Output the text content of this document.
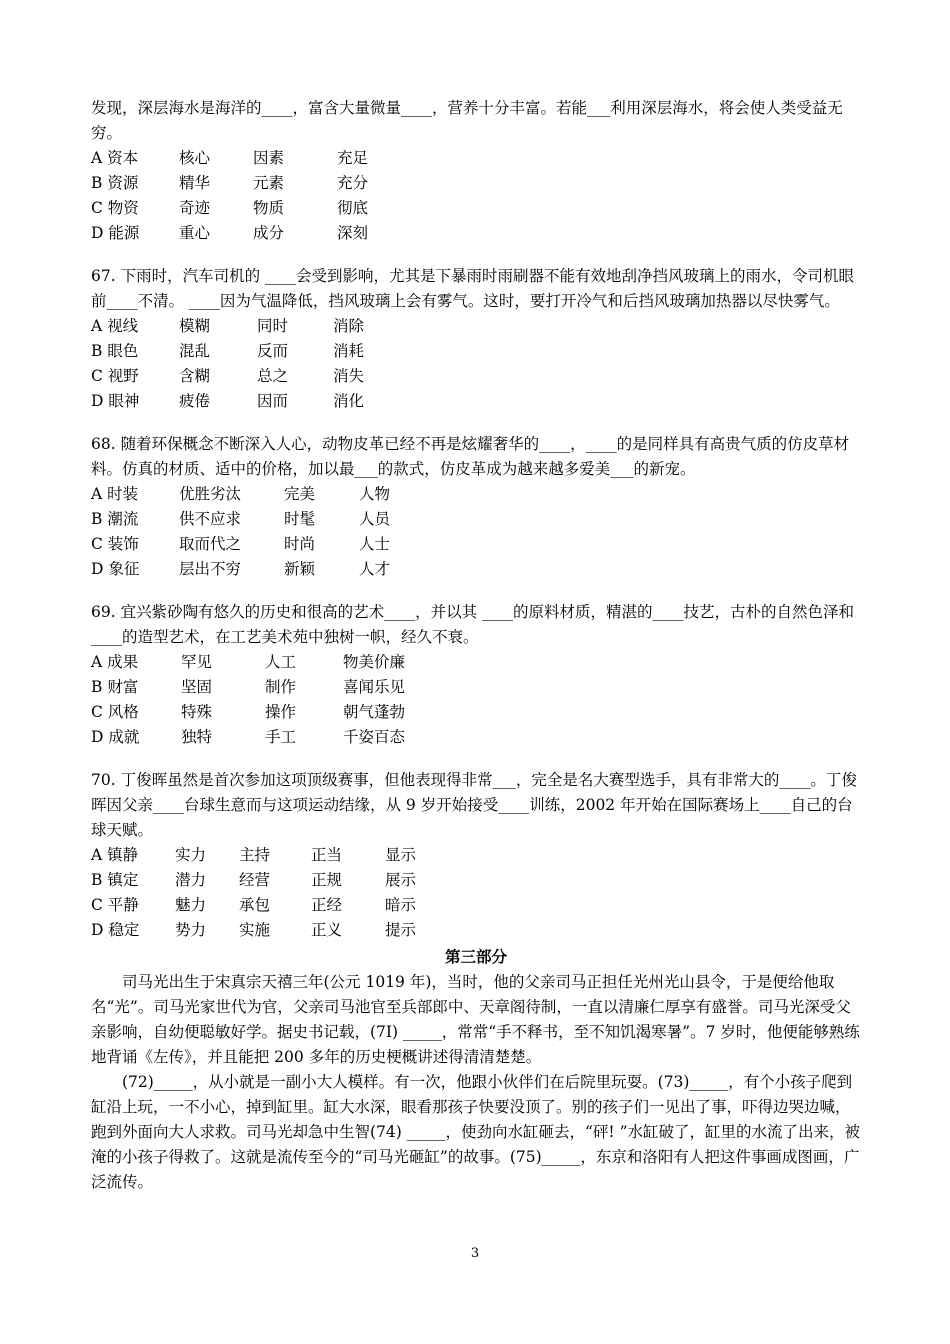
发现，深层海水是海洋的____，富含大量微量____，营养十分丰富。若能___利用深层海水，将会使人类受益无穷。

A 资本	核心	因素	充足
B 资源	精华	元素	充分
C 物资	奇迹	物质	彻底
D 能源	重心	成分	深刻

67. 下雨时，汽车司机的 ____会受到影响，尤其是下暴雨时雨刷器不能有效地刮净挡风玻璃上的雨水，令司机眼前____不清。 ____因为气温降低，挡风玻璃上会有雾气。这时，要打开冷气和后挡风玻璃加热器以尽快雾气。

A 视线	模糊	同时	消除
B 眼色	混乱	反而	消耗
C 视野	含糊	总之	消失
D 眼神	疲倦	因而	消化

68. 随着环保概念不断深入人心，动物皮革已经不再是炫耀奢华的____，____的是同样具有高贵气质的仿皮草材料。仿真的材质、适中的价格，加以最___的款式，仿皮革成为越来越多爱美___的新宠。

A 时装	优胜劣汰	完美	人物
B 潮流	供不应求	时髦	人员
C 装饰	取而代之	时尚	人士
D 象征	层出不穷	新颖	人才

69. 宜兴紫砂陶有悠久的历史和很高的艺术____，并以其 ____的原料材质，精湛的____技艺，古朴的自然色泽和____的造型艺术，在工艺美术苑中独树一帜，经久不衰。

A 成果	罕见	人工	物美价廉
B 财富	坚固	制作	喜闻乐见
C 风格	特殊	操作	朝气蓬勃
D 成就	独特	手工	千姿百态

70. 丁俊晖虽然是首次参加这项顶级赛事，但他表现得非常___，完全是名大赛型选手，具有非常大的____。丁俊晖因父亲____台球生意而与这项运动结缘，从 9 岁开始接受____训练，2002 年开始在国际赛场上____自己的台球天赋。

A 镇静	实力	主持	正当	显示
B 镇定	潜力	经营	正规	展示
C 平静	魅力	承包	正经	暗示
D 稳定	势力	实施	正义	提示
第三部分

司马光出生于宋真宗天禧三年(公元 1019 年)，当时，他的父亲司马正担任光州光山县令，于是便给他取名“光”。司马光家世代为官，父亲司马池官至兵部郎中、天章阁待制，一直以清廉仁厚享有盛誉。司马光深受父亲影响，自幼便聪敏好学。据史书记载，(7I) _____，常常“手不释书，至不知饥渴寒暑”。7 岁时，他便能够熟练地背诵《左传》，并且能把 200 多年的历史梗概讲述得清清楚楚。

(72)_____，从小就是一副小大人模样。有一次，他跟小伙伴们在后院里玩耍。(73)_____，有个小孩子爬到缸沿上玩，一不小心，掉到缸里。缸大水深，眼看那孩子快要没顶了。别的孩子们一见出了事，吓得边哭边喊，跑到外面向大人求救。司马光却急中生智(74) _____，使劲向水缸砸去，“砰! ”水缸破了，缸里的水流了出来，被淹的小孩子得救了。这就是流传至今的“司马光砸缸”的故事。(75)_____，东京和洛阳有人把这件事画成图画，广泛流传。

3
